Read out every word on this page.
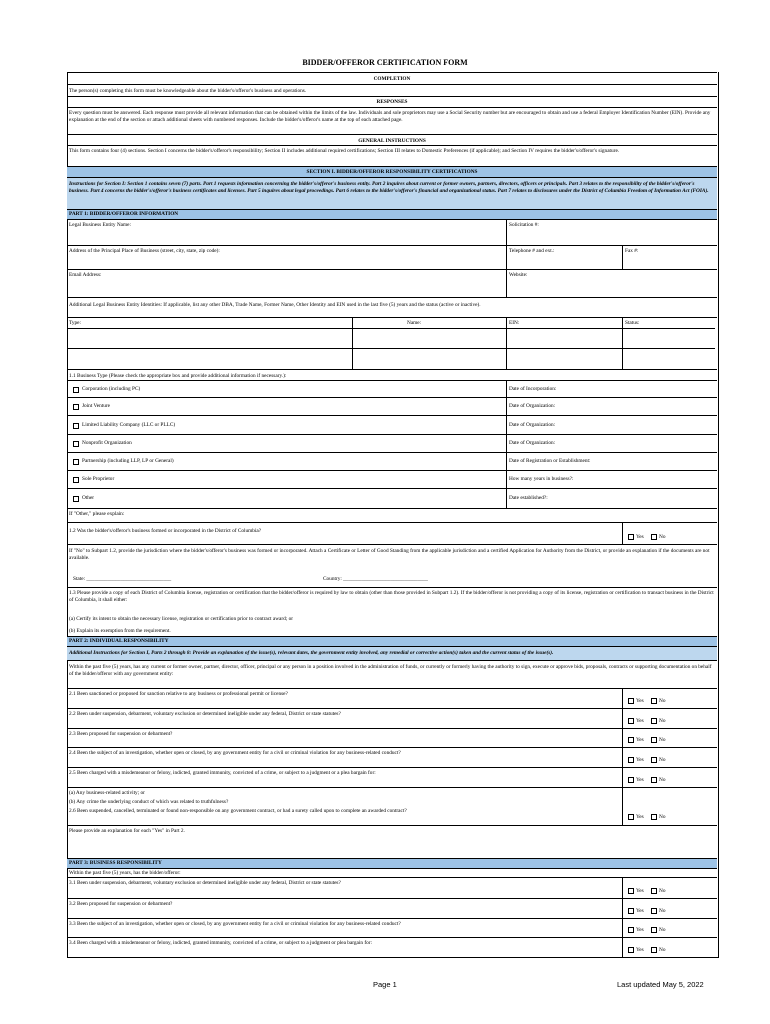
BIDDER/OFFEROR CERTIFICATION FORM
COMPLETION
The person(s) completing this form must be knowledgeable about the bidder's/offeror's business and operations.
RESPONSES
Every question must be answered. Each response must provide all relevant information that can be obtained within the limits of the law. Individuals and sole proprietors may use a Social Security number but are encouraged to obtain and use a federal Employer Identification Number (EIN). Provide any explanation at the end of the section or attach additional sheets with numbered responses. Include the bidder's/offeror's name at the top of each attached page.
GENERAL INSTRUCTIONS
This form contains four (4) sections. Section I concerns the bidder's/offeror's responsibility; Section II includes additional required certifications; Section III relates to Domestic Preferences (if applicable); and Section IV requires the bidder's/offeror's signature.
SECTION I. BIDDER/OFFEROR RESPONSIBILITY CERTIFICATIONS
Instructions for Section I: Section 1 contains seven (7) parts. Part 1 requests information concerning the bidder's/offeror's business entity. Part 2 inquires about current or former owners, partners, directors, officers or principals. Part 3 relates to the responsibility of the bidder's/offeror's business. Part 4 concerns the bidder's/offeror's business certificates and licenses. Part 5 inquires about legal proceedings. Part 6 relates to the bidder's/offeror's financial and organizational status. Part 7 relates to disclosures under the District of Columbia Freedom of Information Act (FOIA).
PART 1: BIDDER/OFFEROR INFORMATION
Legal Business Entity Name:	Solicitation #:
Address of the Principal Place of Business (street, city, state, zip code):	Telephone # and ext.:	Fax #:
Email Address:	Website:
Additional Legal Business Entity Identities: If applicable, list any other DBA, Trade Name, Former Name, Other Identity and EIN used in the last five (5) years and the status (active or inactive).
Type:	Name:	EIN:	Status:
1.1 Business Type (Please check the appropriate box and provide additional information if necessary.):
Corporation (including PC)	Date of Incorporation:
Joint Venture	Date of Organization:
Limited Liability Company (LLC or PLLC)	Date of Organization:
Nonprofit Organization	Date of Organization:
Partnership (including LLP, LP or General)	Date of Registration or Establishment:
Sole Proprietor	How many years in business?:
Other	Date established?:
If "Other," please explain:
1.2 Was the bidder's/offeror's business formed or incorporated in the District of Columbia?
Yes	No
If "No" to Subpart 1.2, provide the jurisdiction where the bidder's/offeror's business was formed or incorporated. Attach a Certificate or Letter of Good Standing from the applicable jurisdiction and a certified Application for Authority from the District, or provide an explanation if the documents are not available.
State: ________________________________	Country: ________________________________
1.3 Please provide a copy of each District of Columbia license, registration or certification that the bidder/offeror is required by law to obtain (other than those provided in Subpart 1.2). If the bidder/offeror is not providing a copy of its license, registration or certification to transact business in the District of Columbia, it shall either:
(a) Certify its intent to obtain the necessary license, registration or certification prior to contract award; or
(b) Explain its exemption from the requirement.
PART 2: INDIVIDUAL RESPONSIBILITY
Additional Instructions for Section I, Parts 2 through 8: Provide an explanation of the issue(s), relevant dates, the government entity involved, any remedial or corrective action(s) taken and the current status of the issue(s).
Within the past five (5) years, has any current or former owner, partner, director, officer, principal or any person in a position involved in the administration of funds, or currently or formerly having the authority to sign, execute or approve bids, proposals, contracts or supporting documentation on behalf of the bidder/offeror with any government entity:
2.1 Been sanctioned or proposed for sanction relative to any business or professional permit or license?
Yes	No
2.2 Been under suspension, debarment, voluntary exclusion or determined ineligible under any federal, District or state statutes?
Yes	No
2.3 Been proposed for suspension or debarment?
Yes	No
2.4 Been the subject of an investigation, whether open or closed, by any government entity for a civil or criminal violation for any business-related conduct?
Yes	No
2.5 Been charged with a misdemeanor or felony, indicted, granted immunity, convicted of a crime, or subject to a judgment or a plea bargain for:
Yes	No
(a) Any business-related activity; or
(b) Any crime the underlying conduct of which was related to truthfulness?
2.6 Been suspended, cancelled, terminated or found non-responsible on any government contract, or had a surety called upon to complete an awarded contract?
Yes	No
Please provide an explanation for each "Yes" in Part 2.
PART 3: BUSINESS RESPONSIBILITY
Within the past five (5) years, has the bidder/offeror:
3.1 Been under suspension, debarment, voluntary exclusion or determined ineligible under any federal, District or state statutes?
Yes	No
3.2 Been proposed for suspension or debarment?
Yes	No
3.3 Been the subject of an investigation, whether open or closed, by any government entity for a civil or criminal violation for any business-related conduct?
Yes	No
3.4 Been charged with a misdemeanor or felony, indicted, granted immunity, convicted of a crime, or subject to a judgment or plea bargain for:
Yes	No
Page 1	Last updated May 5, 2022
